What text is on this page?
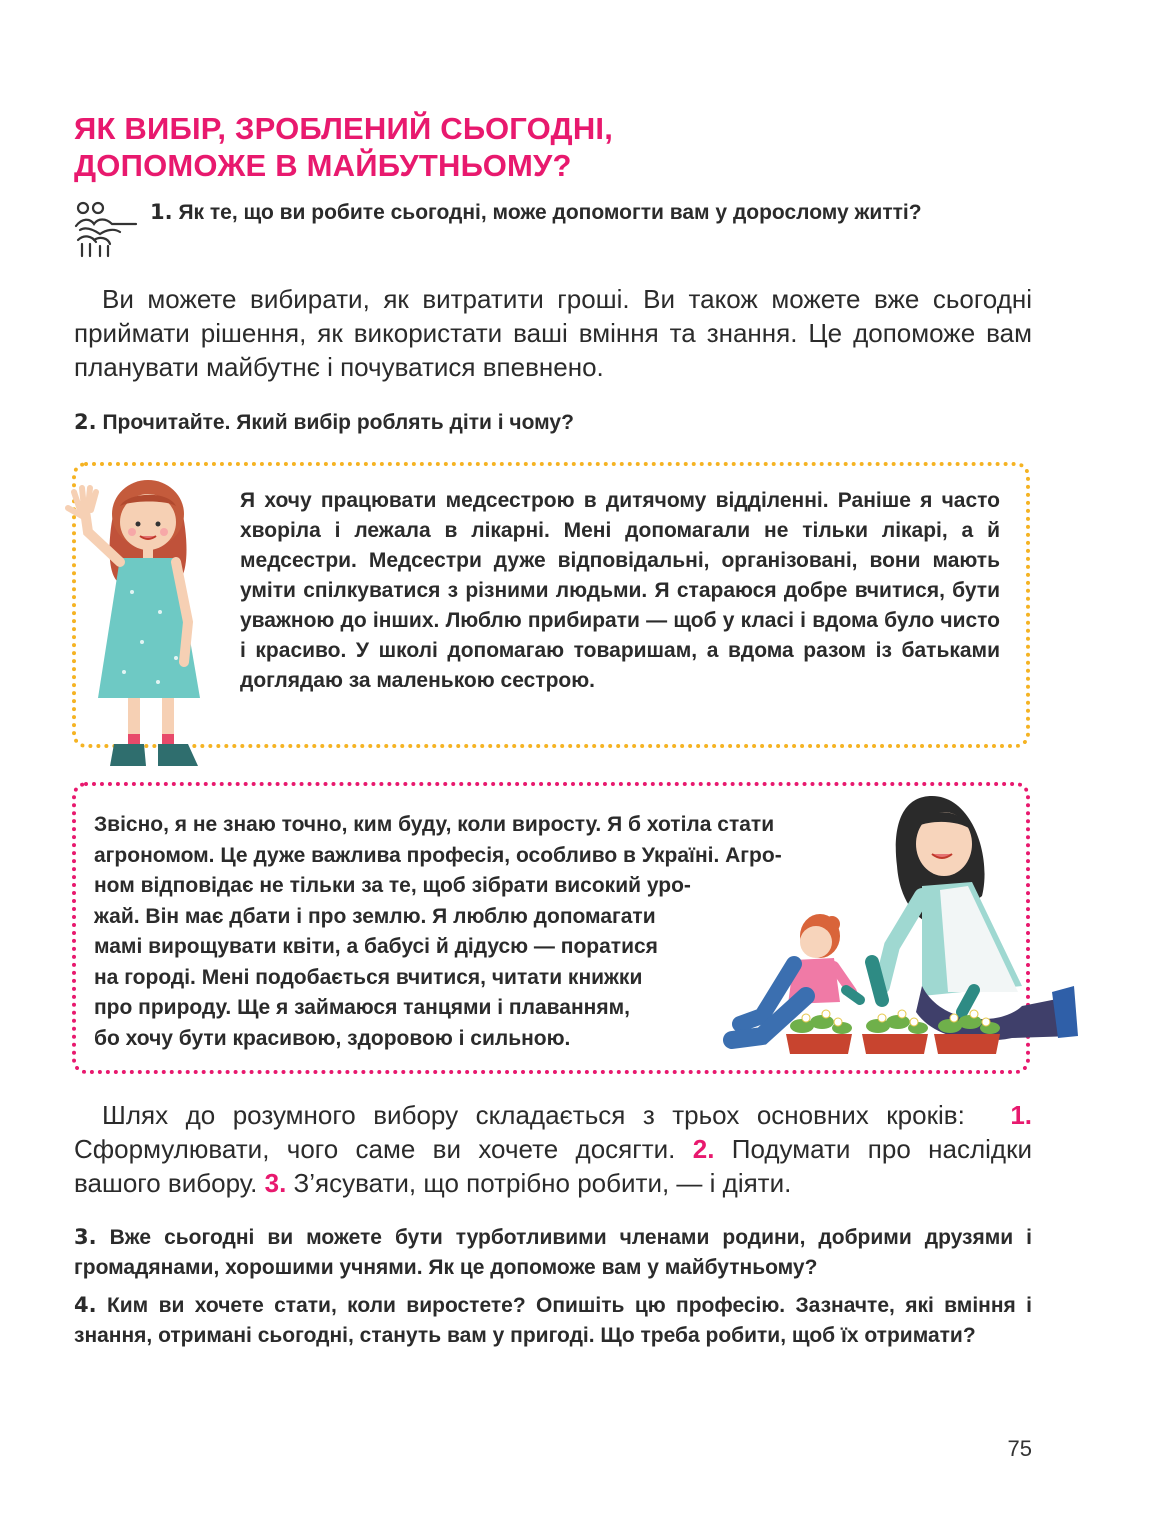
ЯК ВИБІР, ЗРОБЛЕНИЙ СЬОГОДНІ,
ДОПОМОЖЕ В МАЙБУТНЬОМУ?
1. Як те, що ви робите сьогодні, може допомогти вам у дорослому житті?
Ви можете вибирати, як витратити гроші. Ви також можете вже сьогодні приймати рішення, як використати ваші вміння та знання. Це допоможе вам планувати майбутнє і почуватися впевнено.
2. Прочитайте. Який вибір роблять діти і чому?
Я хочу працювати медсестрою в дитячому відділенні. Раніше я часто хворіла і лежала в лікарні. Мені допомагали не тільки лікарі, а й медсестри. Медсестри дуже відповідальні, організовані, вони мають уміти спілкуватися з різними людьми. Я стараюся добре вчитися, бути уважною до інших. Люблю прибирати — щоб у класі і вдома було чисто і красиво. У школі допомагаю товаришам, а вдома разом із батьками доглядаю за маленькою сестрою.
Звісно, я не знаю точно, ким буду, коли виросту. Я б хотіла стати
агрономом. Це дуже важлива професія, особливо в Україні. Агро-
ном відповідає не тільки за те, щоб зібрати високий уро-
жай. Він має дбати і про землю. Я люблю допомагати
мамі вирощувати квіти, а бабусі й дідусю — поратися
на городі. Мені подобається вчитися, читати книжки
про природу. Ще я займаюся танцями і плаванням,
бо хочу бути красивою, здоровою і сильною.
Шлях до розумного вибору складається з трьох основних кроків: 1. Сформулювати, чого саме ви хочете досягти. 2. Подумати про наслідки вашого вибору. 3. З’ясувати, що потрібно робити, — і діяти.
3. Вже сьогодні ви можете бути турботливими членами родини, добрими друзями і громадянами, хорошими учнями. Як це допоможе вам у майбутньому?
4. Ким ви хочете стати, коли виростете? Опишіть цю професію. Зазначте, які вміння і знання, отримані сьогодні, стануть вам у пригоді. Що треба робити, щоб їх отримати?
75
